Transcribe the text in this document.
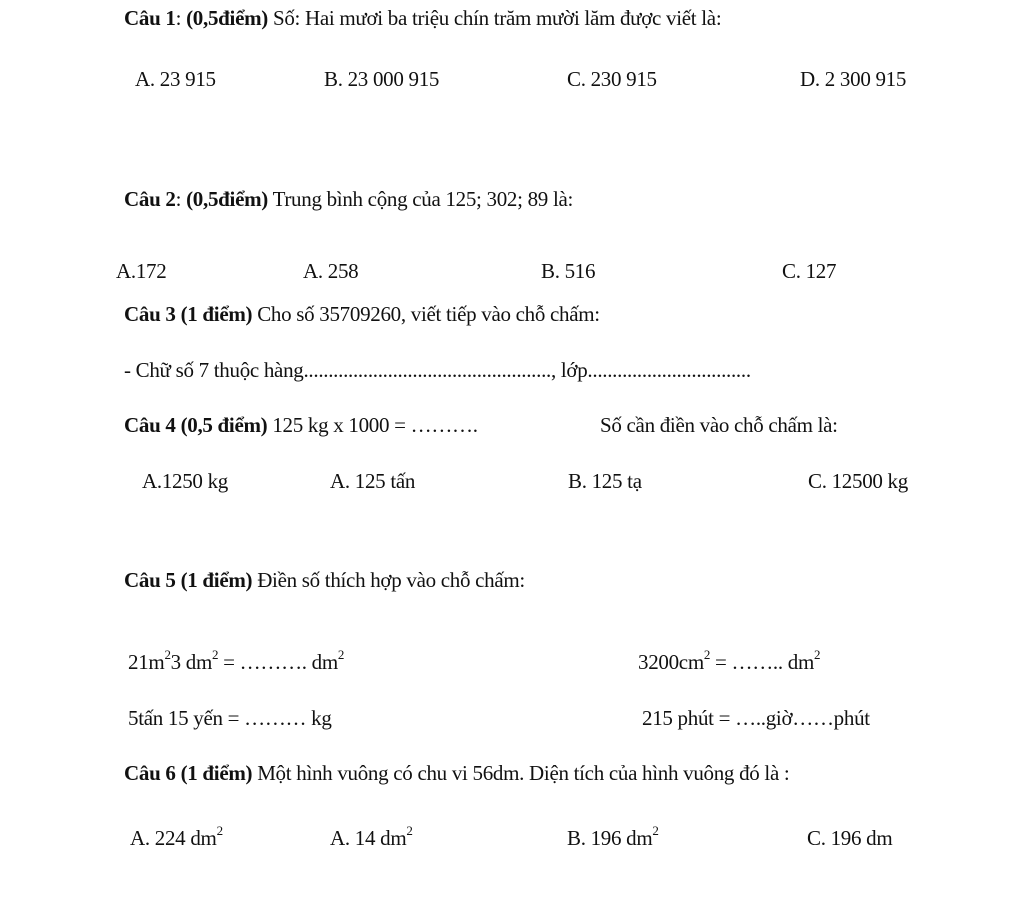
Câu 1: (0,5điểm) Số: Hai mươi ba triệu chín trăm mười lăm được viết là:
A. 23 915	B. 23 000 915	C. 230 915	D. 2 300 915
Câu 2: (0,5điểm) Trung bình cộng của 125; 302; 89 là:
A.172	A. 258	B. 516	C. 127
Câu 3 (1 điểm) Cho số 35709260, viết tiếp vào chỗ chấm:
- Chữ số 7 thuộc hàng.................................................., lớp.................................
Câu 4 (0,5 điểm) 125 kg x 1000 = ……….	Số cần điền vào chỗ chấm là:
A.1250 kg	A. 125 tấn	B. 125 tạ	C. 12500 kg
Câu 5 (1 điểm) Điền số thích hợp vào chỗ chấm:
$21m^23$ $dm^2$ = ………. $dm^2$	$3200cm^2$ = …….. $dm^2$
5tấn 15 yến = ……… kg	215 phút = …..giờ……phút
Câu 6 (1 điểm) Một hình vuông có chu vi 56dm. Diện tích của hình vuông đó là :
A. 224 $dm^2$	A. 14 $dm^2$	B. 196 $dm^2$	C. 196 dm
